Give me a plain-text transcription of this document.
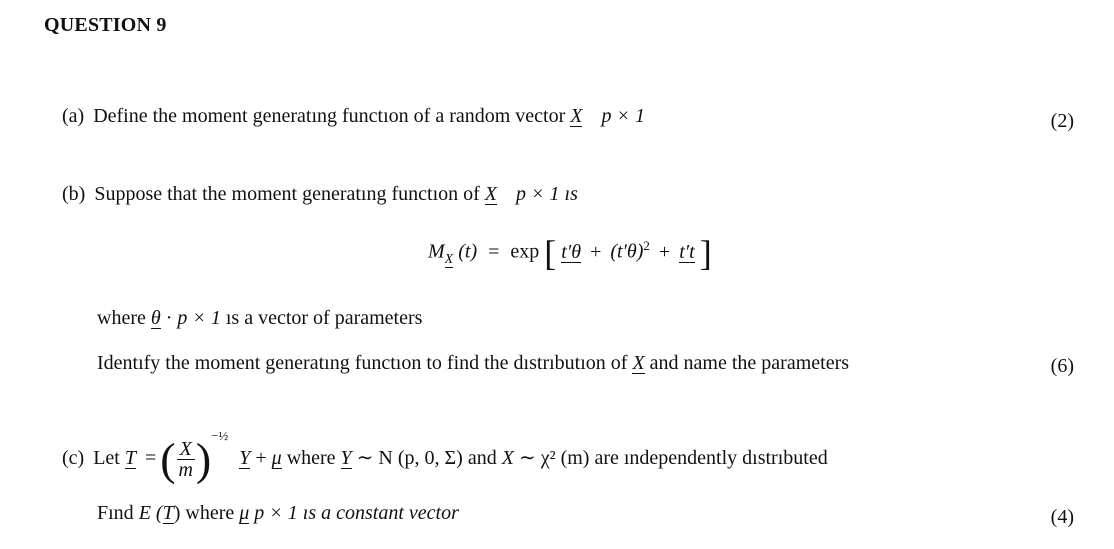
QUESTION 9
(a) Define the moment generatıng functıon of a random vector X p × 1	(2)
(b) Suppose that the moment generatıng functıon of X p × 1 ıs
$M_X$ (t) = exp [ $t'\theta + (t'\theta)^2 + t't$ ]
where θ · p × 1 ıs a vector of parameters
Identıfy the moment generatıng functıon to find the dıstrıbutıon of X and name the parameters	(6)
(c) Let T =( $\frac{X}{m} )^{-\frac{1}{2}}$ Y + μ where Y ∼ N (p, 0, Σ) and X ∼ χ² (m) are ındependently dıstrıbuted
Fınd E (T) where μ p × 1 ıs a constant vector	(4)
